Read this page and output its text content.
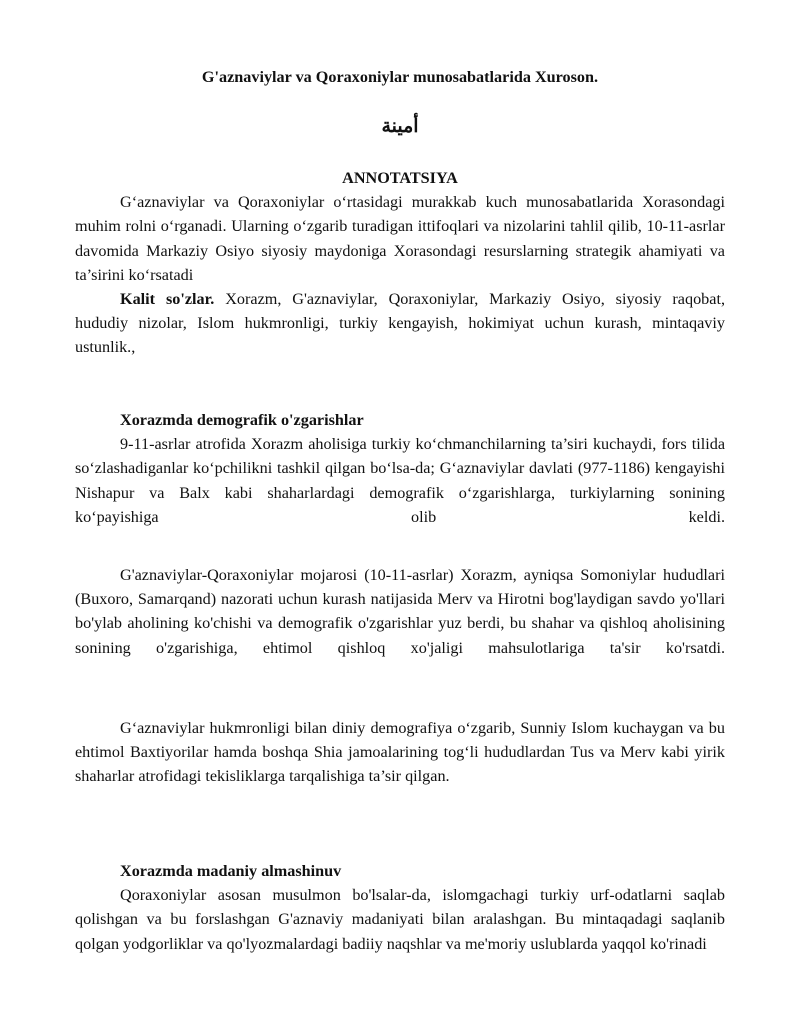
G'aznaviylar va Qoraxoniylar munosabatlarida Xuroson.
أمينة
ANNOTATSIYA

G‘aznaviylar va Qoraxoniylar o‘rtasidagi murakkab kuch munosabatlarida Xorasondagi muhim rolni o‘rganadi. Ularning o‘zgarib turadigan ittifoqlari va nizolarini tahlil qilib, 10-11-asrlar davomida Markaziy Osiyo siyosiy maydoniga Xorasondagi resurslarning strategik ahamiyati va ta’sirini ko‘rsatadi

Kalit so'zlar. Xorazm, G'aznaviylar, Qoraxoniylar, Markaziy Osiyo, siyosiy raqobat, hududiy nizolar, Islom hukmronligi, turkiy kengayish, hokimiyat uchun kurash, mintaqaviy ustunlik.,

Xorazmda demografik o'zgarishlar

9-11-asrlar atrofida Xorazm aholisiga turkiy ko‘chmanchilarning ta’siri kuchaydi, fors tilida so‘zlashadiganlar ko‘pchilikni tashkil qilgan bo‘lsa-da; G‘aznaviylar davlati (977-1186) kengayishi Nishapur va Balx kabi shaharlardagi demografik o‘zgarishlarga, turkiylarning sonining ko‘payishiga olib keldi.

G'aznaviylar-Qoraxoniylar mojarosi (10-11-asrlar) Xorazm, ayniqsa Somoniylar hududlari (Buxoro, Samarqand) nazorati uchun kurash natijasida Merv va Hirotni bog'laydigan savdo yo'llari bo'ylab aholining ko'chishi va demografik o'zgarishlar yuz berdi, bu shahar va qishloq aholisining sonining o'zgarishiga, ehtimol qishloq xo'jaligi mahsulotlariga ta'sir ko'rsatdi.

G‘aznaviylar hukmronligi bilan diniy demografiya o‘zgarib, Sunniy Islom kuchaygan va bu ehtimol Baxtiyorilar hamda boshqa Shia jamoalarining tog‘li hududlardan Tus va Merv kabi yirik shaharlar atrofidagi tekisliklarga tarqalishiga ta’sir qilgan.

Xorazmda madaniy almashinuv

Qoraxoniylar asosan musulmon bo'lsalar-da, islomgachagi turkiy urf-odatlarni saqlab qolishgan va bu forslashgan G'aznaviy madaniyati bilan aralashgan. Bu mintaqadagi saqlanib qolgan yodgorliklar va qo'lyozmalardagi badiiy naqshlar va me'moriy uslublarda yaqqol ko'rinadi
